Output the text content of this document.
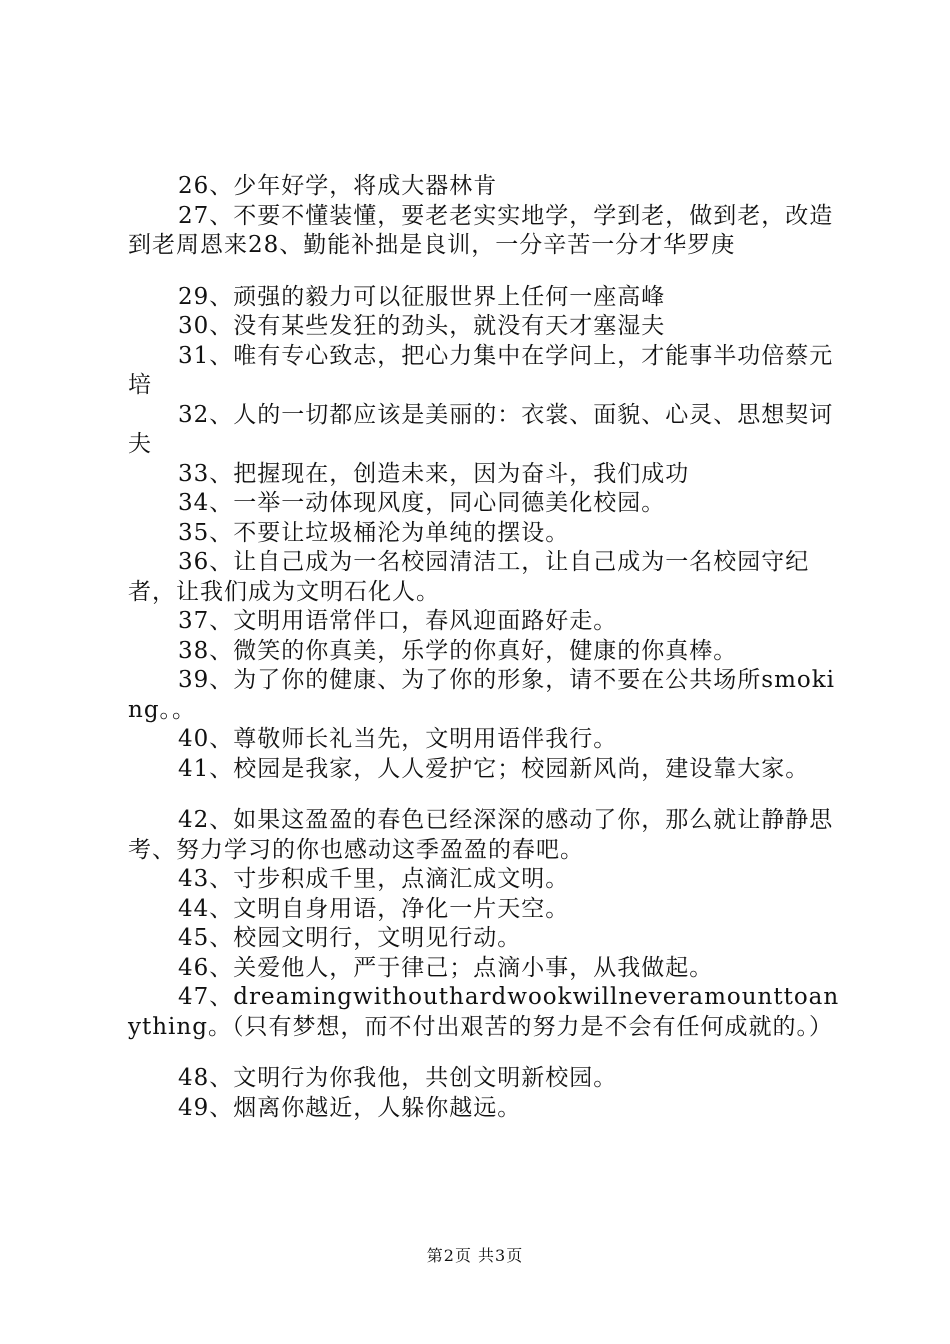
26、少年好学，将成大器林肯

27、不要不懂装懂，要老老实实地学，学到老，做到老，改造到老周恩来28、勤能补拙是良训，一分辛苦一分才华罗庚

29、顽强的毅力可以征服世界上任何一座高峰

30、没有某些发狂的劲头，就没有天才塞湿夫

31、唯有专心致志，把心力集中在学问上，才能事半功倍蔡元培

32、人的一切都应该是美丽的：衣裳、面貌、心灵、思想契诃夫

33、把握现在，创造未来，因为奋斗，我们成功

34、一举一动体现风度，同心同德美化校园。

35、不要让垃圾桶沦为单纯的摆设。

36、让自己成为一名校园清洁工，让自己成为一名校园守纪者，让我们成为文明石化人。

37、文明用语常伴口，春风迎面路好走。

38、微笑的你真美，乐学的你真好，健康的你真棒。

39、为了你的健康、为了你的形象，请不要在公共场所smoking。。

40、尊敬师长礼当先，文明用语伴我行。

41、校园是我家，人人爱护它；校园新风尚，建设靠大家。

42、如果这盈盈的春色已经深深的感动了你，那么就让静静思考、努力学习的你也感动这季盈盈的春吧。

43、寸步积成千里，点滴汇成文明。

44、文明自身用语，净化一片天空。

45、校园文明行，文明见行动。

46、关爱他人，严于律己；点滴小事，从我做起。

47、dreamingwithouthardwookwillneveramounttoanything。（只有梦想，而不付出艰苦的努力是不会有任何成就的。）

48、文明行为你我他，共创文明新校园。

49、烟离你越近，人躲你越远。

第2页 共3页
